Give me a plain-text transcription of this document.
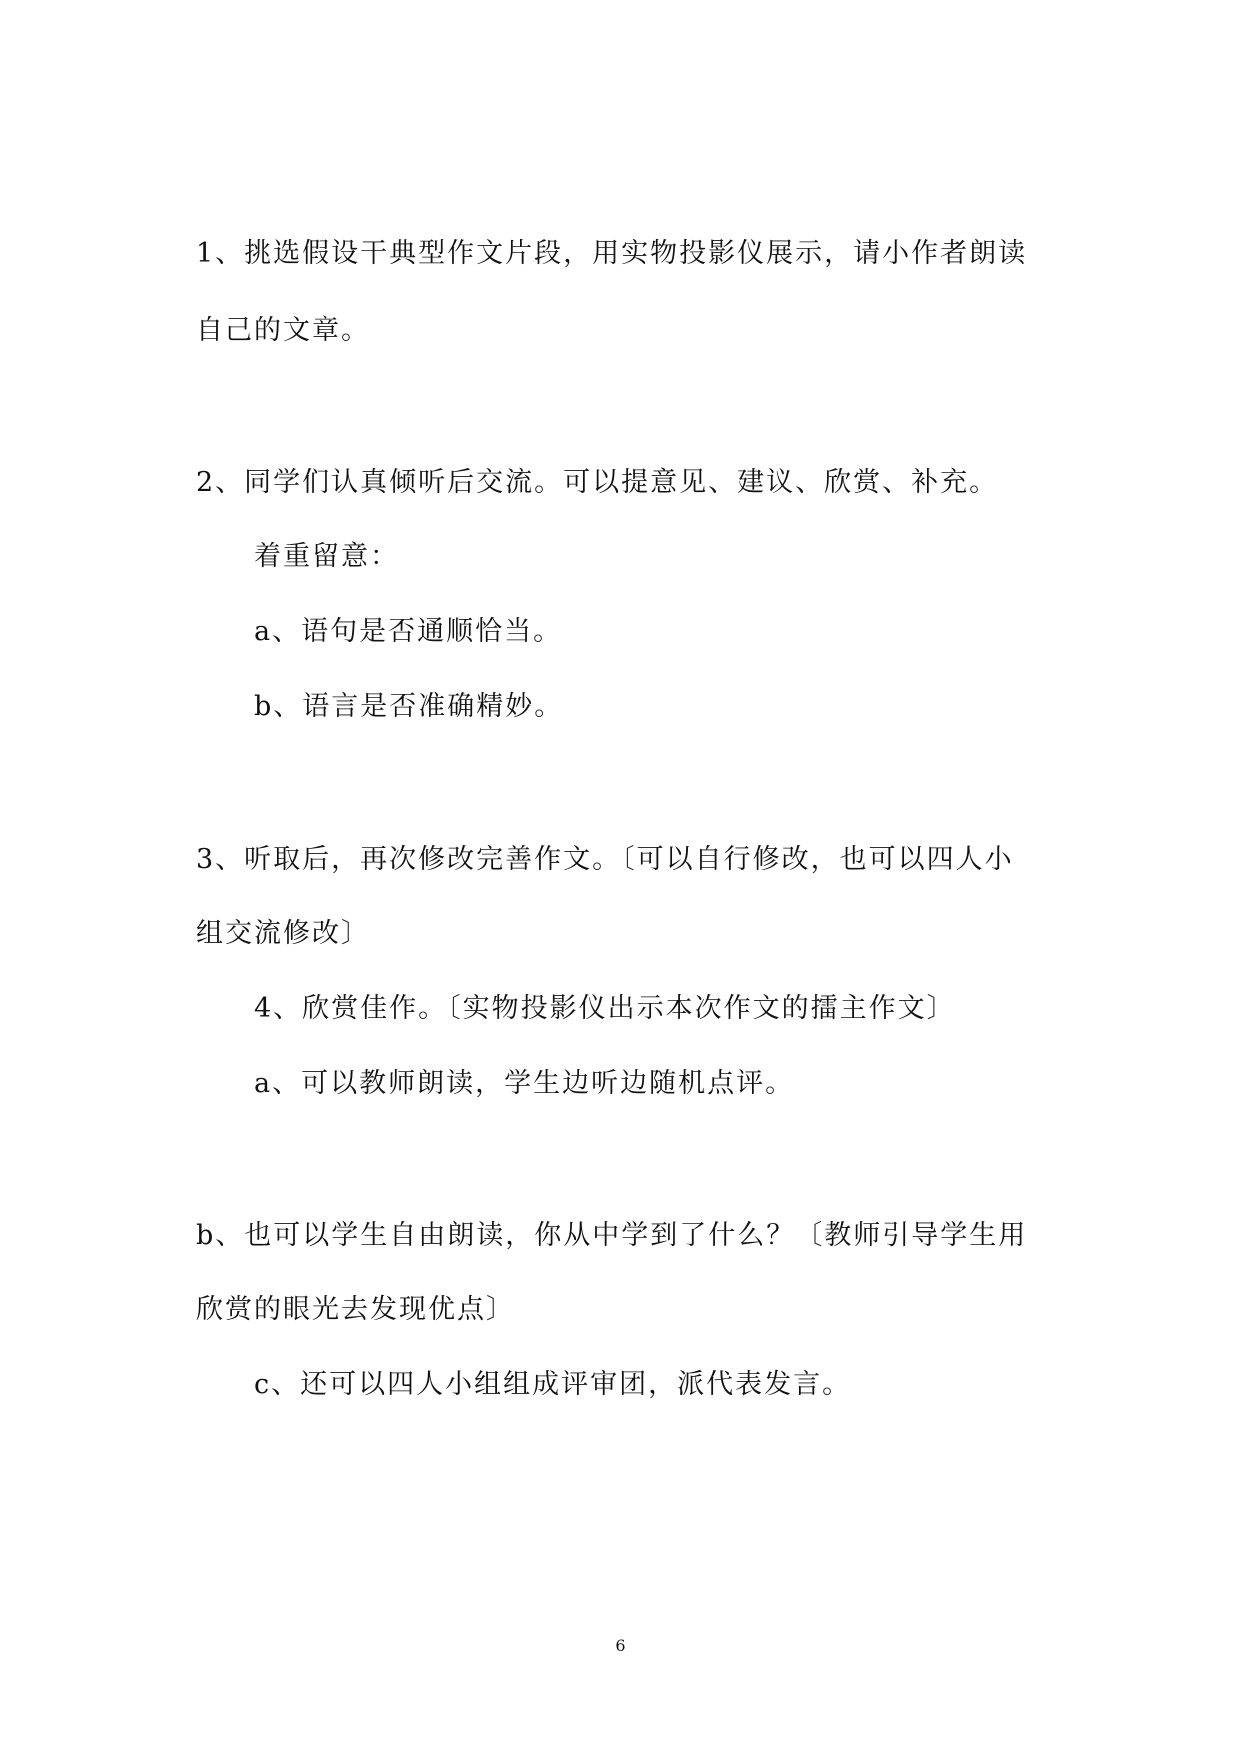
1、挑选假设干典型作文片段，用实物投影仪展示，请小作者朗读
自己的文章。
2、同学们认真倾听后交流。可以提意见、建议、欣赏、补充。
着重留意：
a、语句是否通顺恰当。
b、语言是否准确精妙。
3、听取后，再次修改完善作文。〔可以自行修改，也可以四人小
组交流修改〕
4、欣赏佳作。〔实物投影仪出示本次作文的擂主作文〕
a、可以教师朗读，学生边听边随机点评。
b、也可以学生自由朗读，你从中学到了什么？〔教师引导学生用
欣赏的眼光去发现优点〕
c、还可以四人小组组成评审团，派代表发言。
6
